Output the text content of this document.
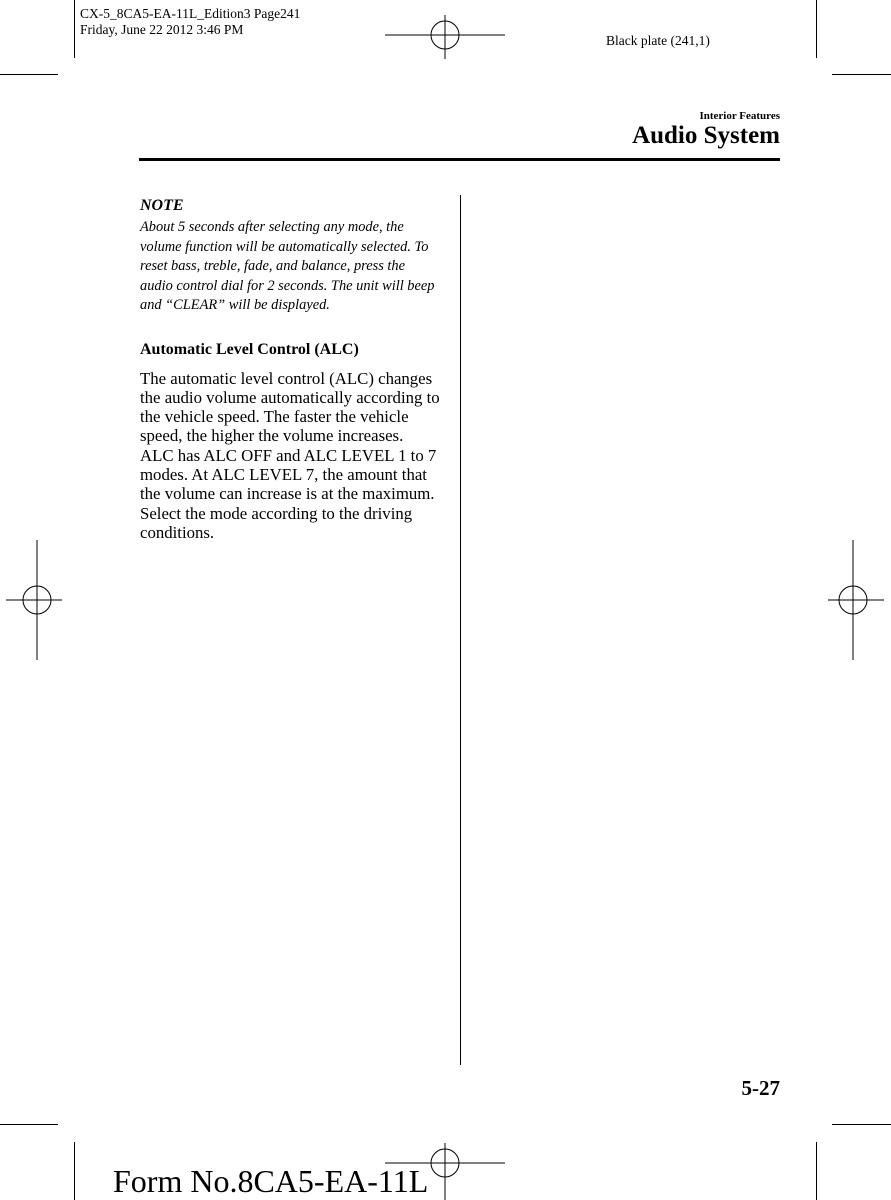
CX-5_8CA5-EA-11L_Edition3 Page241
Friday, June 22 2012 3:46 PM
Black plate (241,1)
Interior Features
Audio System
NOTE

About 5 seconds after selecting any mode, the volume function will be automatically selected. To reset bass, treble, fade, and balance, press the audio control dial for 2 seconds. The unit will beep and “CLEAR” will be displayed.

Automatic Level Control (ALC)

The automatic level control (ALC) changes the audio volume automatically according to the vehicle speed. The faster the vehicle speed, the higher the volume increases. ALC has ALC OFF and ALC LEVEL 1 to 7 modes. At ALC LEVEL 7, the amount that the volume can increase is at the maximum. Select the mode according to the driving conditions.

5-27
Form No.8CA5-EA-11L
